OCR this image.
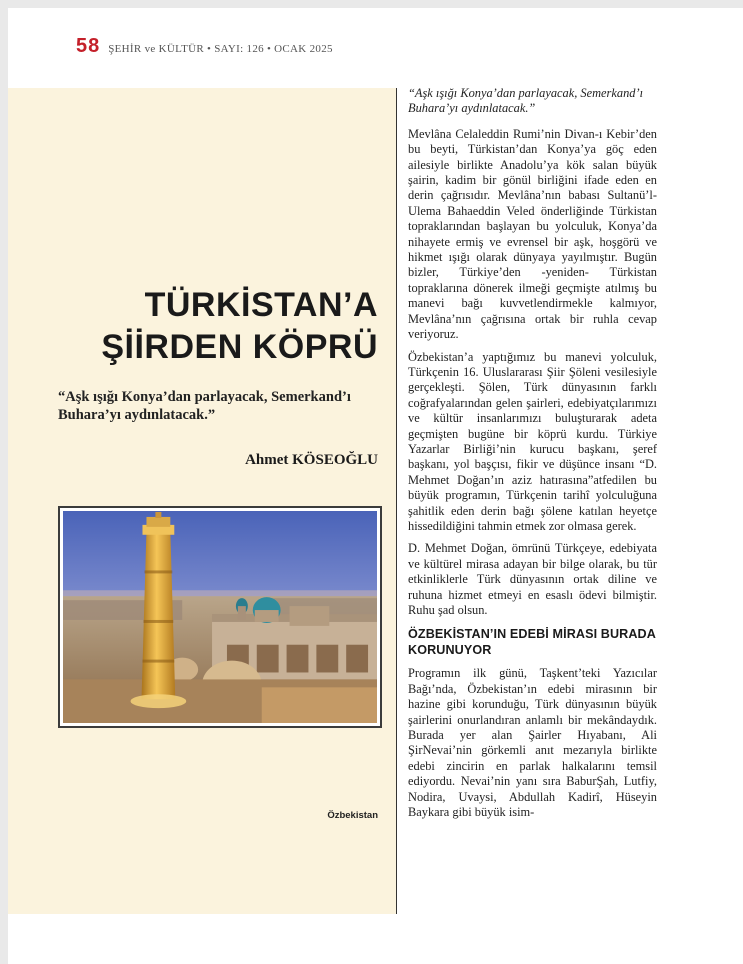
58 ŞEHİR ve KÜLTÜR • SAYI: 126 • OCAK 2025
TÜRKİSTAN’A
ŞİİRDEN KÖPRÜ

“Aşk ışığı Konya’dan parlayacak, Semerkand’ı Buhara’yı aydınlatacak.”

Ahmet KÖSEOĞLU

Özbekistan

“Aşk ışığı Konya’dan parlayacak, Semerkand’ı Buhara’yı aydınlatacak.”

Mevlâna Celaleddin Rumi’nin Divan-ı Kebir’den bu beyti, Türkistan’dan Konya’ya göç eden ailesiyle birlikte Anadolu’ya kök salan büyük şairin, kadim bir gönül birliğini ifade eden en derin çağrısıdır. Mevlâna’nın babası Sultanü’l-Ulema Bahaeddin Veled önderliğinde Türkistan topraklarından başlayan bu yolculuk, Konya’da nihayete ermiş ve evrensel bir aşk, hoşgörü ve hikmet ışığı olarak dünyaya yayılmıştır. Bugün bizler, Türkiye’den -yeniden- Türkistan topraklarına dönerek ilmeği geçmişte atılmış bu manevi bağı kuvvetlendirmekle kalmıyor, Mevlâna’nın çağrısına ortak bir ruhla cevap veriyoruz.

Özbekistan’a yaptığımız bu manevi yolculuk, Türkçenin 16. Uluslararası Şiir Şöleni vesilesiyle gerçekleşti. Şölen, Türk dünyasının farklı coğrafyalarından gelen şairleri, edebiyatçılarımızı ve kültür insanlarımızı buluşturarak adeta geçmişten bugüne bir köprü kurdu. Türkiye Yazarlar Birliği’nin kurucu başkanı, şeref başkanı, yol başçısı, fikir ve düşünce insanı “D. Mehmet Doğan’ın aziz hatırasına”atfedilen bu büyük programın, Türkçenin tarihî yolculuğuna şahitlik eden derin bağı şölene katılan heyetçe hissedildiğini tahmin etmek zor olmasa gerek.

D. Mehmet Doğan, ömrünü Türkçeye, edebiyata ve kültürel mirasa adayan bir bilge olarak, bu tür etkinliklerle Türk dünyasının ortak diline ve ruhuna hizmet etmeyi en esaslı ödevi bilmiştir. Ruhu şad olsun.

ÖZBEKİSTAN’IN EDEBİ MİRASI BURADA KORUNUYOR

Programın ilk günü, Taşkent’teki Yazıcılar Bağı’nda, Özbekistan’ın edebi mirasının bir hazine gibi korunduğu, Türk dünyasının büyük şairlerini onurlandıran anlamlı bir mekândaydık. Burada yer alan Şairler Hıyabanı, Ali ŞirNevai’nin görkemli anıt mezarıyla birlikte edebi zincirin en parlak halkalarını temsil ediyordu. Nevai’nin yanı sıra BaburŞah, Lutfiy, Nodira, Uvaysi, Abdullah Kadirî, Hüseyin Baykara gibi büyük isim-
